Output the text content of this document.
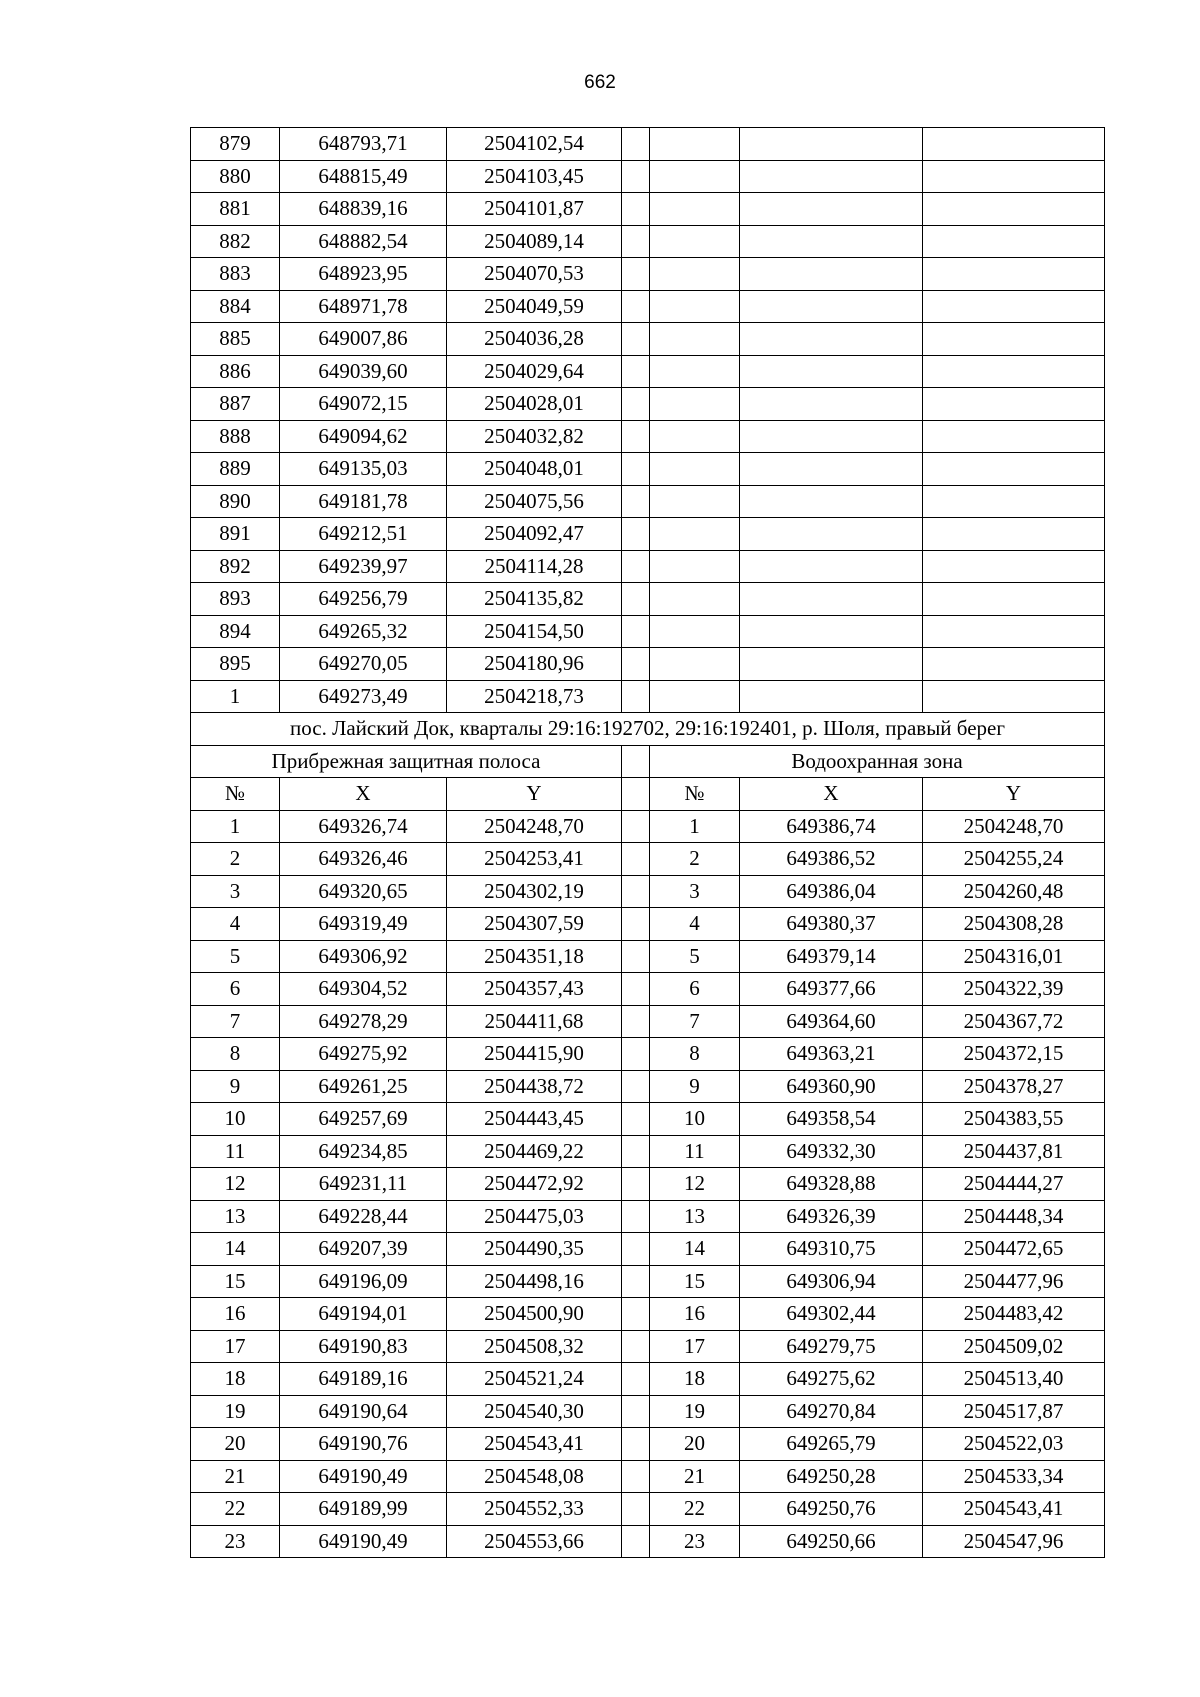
662
879	648793,71	2504102,54				
880	648815,49	2504103,45				
881	648839,16	2504101,87				
882	648882,54	2504089,14				
883	648923,95	2504070,53				
884	648971,78	2504049,59				
885	649007,86	2504036,28				
886	649039,60	2504029,64				
887	649072,15	2504028,01				
888	649094,62	2504032,82				
889	649135,03	2504048,01				
890	649181,78	2504075,56				
891	649212,51	2504092,47				
892	649239,97	2504114,28				
893	649256,79	2504135,82				
894	649265,32	2504154,50				
895	649270,05	2504180,96				
1	649273,49	2504218,73				
пос. Лайский Док, кварталы 29:16:192702, 29:16:192401, р. Шоля, правый берег						
Прибрежная защитная полоса				Водоохранная зона		
№	X	Y		№	X	Y
1	649326,74	2504248,70		1	649386,74	2504248,70
2	649326,46	2504253,41		2	649386,52	2504255,24
3	649320,65	2504302,19		3	649386,04	2504260,48
4	649319,49	2504307,59		4	649380,37	2504308,28
5	649306,92	2504351,18		5	649379,14	2504316,01
6	649304,52	2504357,43		6	649377,66	2504322,39
7	649278,29	2504411,68		7	649364,60	2504367,72
8	649275,92	2504415,90		8	649363,21	2504372,15
9	649261,25	2504438,72		9	649360,90	2504378,27
10	649257,69	2504443,45		10	649358,54	2504383,55
11	649234,85	2504469,22		11	649332,30	2504437,81
12	649231,11	2504472,92		12	649328,88	2504444,27
13	649228,44	2504475,03		13	649326,39	2504448,34
14	649207,39	2504490,35		14	649310,75	2504472,65
15	649196,09	2504498,16		15	649306,94	2504477,96
16	649194,01	2504500,90		16	649302,44	2504483,42
17	649190,83	2504508,32		17	649279,75	2504509,02
18	649189,16	2504521,24		18	649275,62	2504513,40
19	649190,64	2504540,30		19	649270,84	2504517,87
20	649190,76	2504543,41		20	649265,79	2504522,03
21	649190,49	2504548,08		21	649250,28	2504533,34
22	649189,99	2504552,33		22	649250,76	2504543,41
23	649190,49	2504553,66		23	649250,66	2504547,96
